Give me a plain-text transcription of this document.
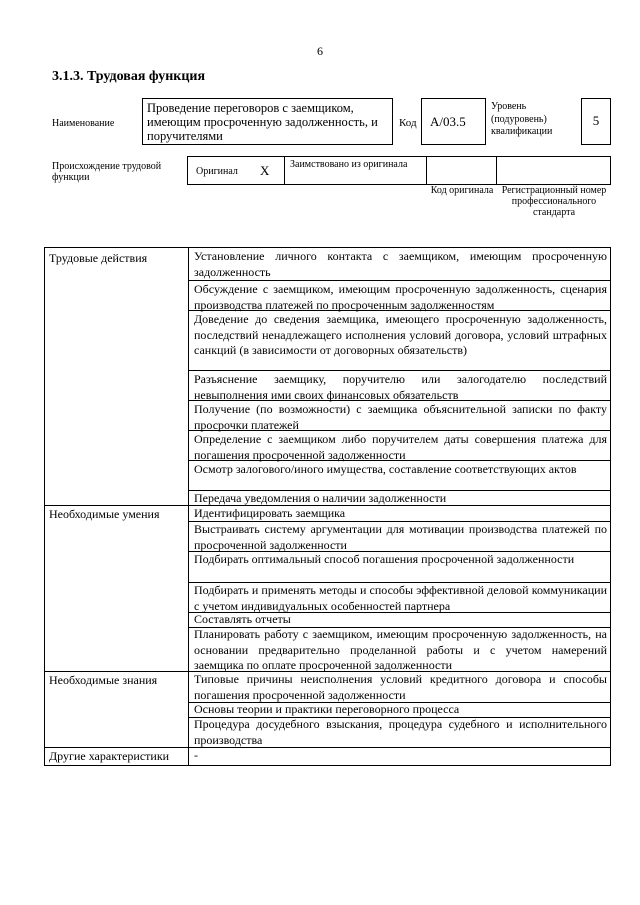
6
3.1.3. Трудовая функция
Наименование
Проведение переговоров с заемщиком, имеющим просроченную задолженность, и поручителями
Код	A/03.5
Уровень (подуровень) квалификации
5
Происхождение трудовой функции
Оригинал X Заимствовано из оригинала
Код оригинала Регистрационный номер профессионального стандарта
Трудовые действия
Необходимые умения
Необходимые знания
Другие характеристики
Установление личного контакта с заемщиком, имеющим просроченную задолженность
Обсуждение с заемщиком, имеющим просроченную задолженность, сценария производства платежей по просроченным задолженностям
Доведение до сведения заемщика, имеющего просроченную задолженность, последствий ненадлежащего исполнения условий договора, условий штрафных санкций (в зависимости от договорных обязательств)
Разъяснение заемщику, поручителю или залогодателю последствий невыполнения ими своих финансовых обязательств
Получение (по возможности) с заемщика объяснительной записки по факту просрочки платежей
Определение с заемщиком либо поручителем даты совершения платежа для погашения просроченной задолженности
Осмотр залогового/иного имущества, составление соответствующих актов
Передача уведомления о наличии задолженности
Идентифицировать заемщика
Выстраивать систему аргументации для мотивации производства платежей по просроченной задолженности
Подбирать оптимальный способ погашения просроченной задолженности
Подбирать и применять методы и способы эффективной деловой коммуникации с учетом индивидуальных особенностей партнера
Составлять отчеты
Планировать работу с заемщиком, имеющим просроченную задолженность, на основании предварительно проделанной работы и с учетом намерений заемщика по оплате просроченной задолженности
Типовые причины неисполнения условий кредитного договора и способы погашения просроченной задолженности
Основы теории и практики переговорного процесса
Процедура досудебного взыскания, процедура судебного и исполнительного производства
-
